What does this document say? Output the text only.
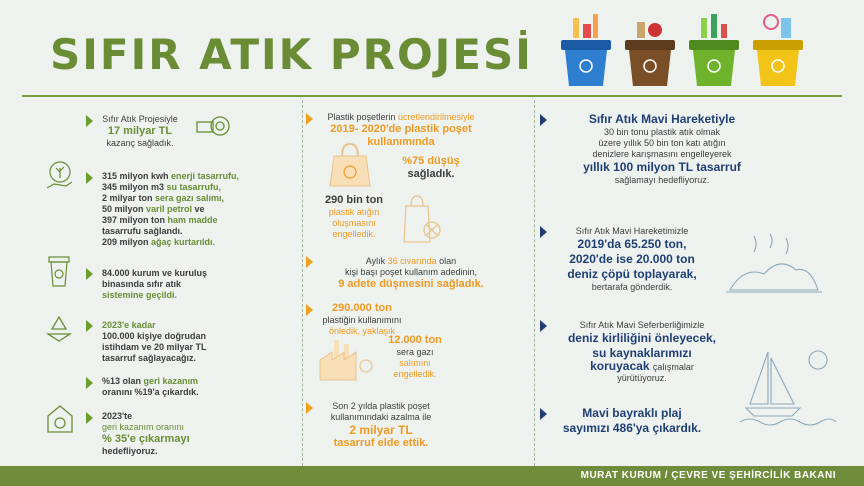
SIFIR ATIK PROJESİ
Sıfır Atık Projesiyle
17 milyar TL
kazanç sağladık.
315 milyon kwh enerji tasarrufu,
345 milyon m3 su tasarrufu,
2 milyar ton sera gazı salımı,
50 milyon varil petrol ve
397 milyon ton ham madde
tasarrufu sağlandı.
209 milyon ağaç kurtarıldı.
84.000 kurum ve kuruluş
binasında sıfır atık
sistemine geçildi.
2023'e kadar
100.000 kişiye doğrudan
istihdam ve 20 milyar TL
tasarruf sağlayacağız.
%13 olan geri kazanım
oranını %19'a çıkardık.
2023'te
geri kazanım oranını
% 35'e çıkarmayı
hedefliyoruz.
Plastik poşetlerin ücretlendirilmesiyle
2019- 2020'de plastik poşet
kullanımında
%75 düşüş
sağladık.
290 bin ton
plastik atığın
oluşmasını
engelledik.
Aylık 36 civarında olan
kişi başı poşet kullanım adedinin,
9 adete düşmesini sağladık.
290.000 ton
plastiğin kullanımını
önledik, yaklaşık
12.000 ton
sera gazı
salımını
engelledik.
Son 2 yılda plastik poşet
kullanımındaki azalma ile
2 milyar TL
tasarruf elde ettik.
Sıfır Atık Mavi Hareketiyle
30 bin tonu plastik atık olmak
üzere yıllık 50 bin ton katı atığın
denizlere karışmasını engelleyerek
yıllık 100 milyon TL tasarruf
sağlamayı hedefliyoruz.
Sıfır Atık Mavi Hareketimizle
2019'da 65.250 ton,
2020'de ise 20.000 ton
deniz çöpü toplayarak,
bertarafa gönderdik.
Sıfır Atık Mavi Seferberliğimizle
deniz kirliliğini önleyecek,
su kaynaklarımızı
koruyacak çalışmalar
yürütüyoruz.
Mavi bayraklı plaj
sayımızı 486'ya çıkardık.
MURAT KURUM / ÇEVRE VE ŞEHİRCİLİK BAKANI
